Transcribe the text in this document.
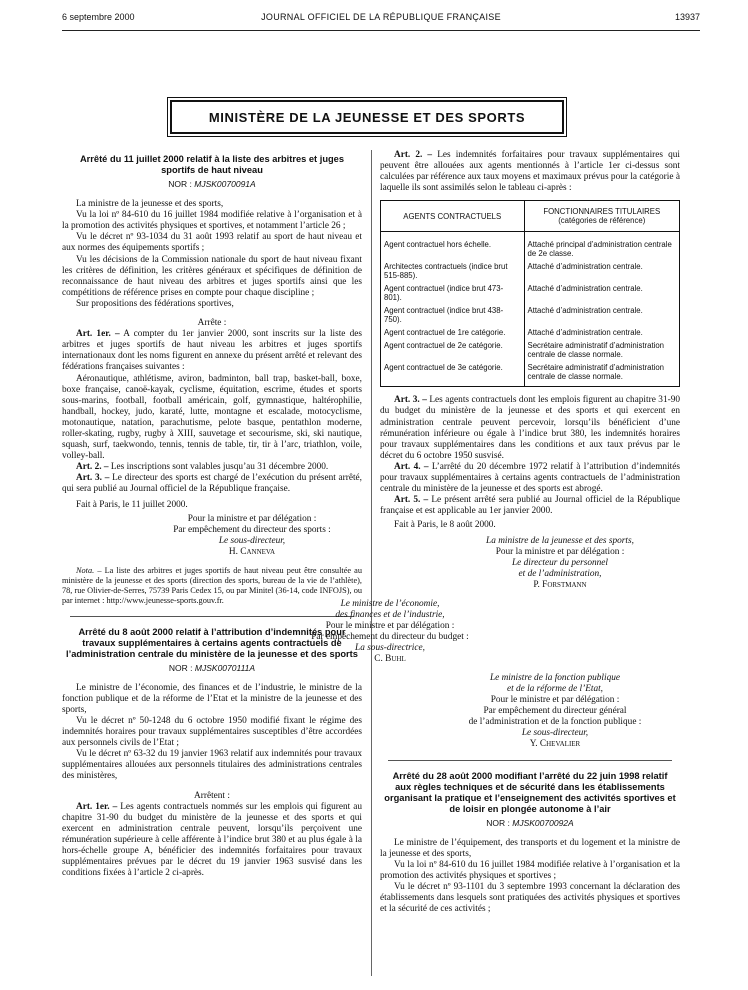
6 septembre 2000	JOURNAL OFFICIEL DE LA RÉPUBLIQUE FRANÇAISE	13937
MINISTÈRE DE LA JEUNESSE ET DES SPORTS
Arrêté du 11 juillet 2000 relatif à la liste des arbitres et juges sportifs de haut niveau
NOR : MJSK0070091A

La ministre de la jeunesse et des sports,

Vu la loi nº 84-610 du 16 juillet 1984 modifiée relative à l’organisation et à la promotion des activités physiques et sportives, et notamment l’article 26 ;

Vu le décret nº 93-1034 du 31 août 1993 relatif au sport de haut niveau et aux normes des équipements sportifs ;

Vu les décisions de la Commission nationale du sport de haut niveau fixant les critères de définition, les critères généraux et spécifiques de définition de reconnaissance de haut niveau des arbitres et juges sportifs ainsi que les compétitions de référence prises en compte pour chaque discipline ;

Sur propositions des fédérations sportives,

Arrête :

Art. 1er. – A compter du 1er janvier 2000, sont inscrits sur la liste des arbitres et juges sportifs de haut niveau les arbitres et juges sportifs internationaux dont les noms figurent en annexe du présent arrêté et relevant des fédérations françaises suivantes :

Aéronautique, athlétisme, aviron, badminton, ball trap, basket-ball, boxe, boxe française, canoë-kayak, cyclisme, équitation, escrime, études et sports sous-marins, football, football américain, golf, gymnastique, haltérophilie, handball, hockey, judo, karaté, lutte, montagne et escalade, motocyclisme, motonautique, natation, parachutisme, pelote basque, pentathlon moderne, roller-skating, rugby, rugby à XIII, sauvetage et secourisme, ski, ski nautique, squash, surf, taekwondo, tennis, tennis de table, tir, tir à l’arc, triathlon, voile, volley-ball.

Art. 2. – Les inscriptions sont valables jusqu’au 31 décembre 2000.

Art. 3. – Le directeur des sports est chargé de l’exécution du présent arrêté, qui sera publié au Journal officiel de la République française.

Fait à Paris, le 11 juillet 2000.

Pour la ministre et par délégation :

Par empêchement du directeur des sports :

Le sous-directeur,

H. Canneva

Nota. – La liste des arbitres et juges sportifs de haut niveau peut être consultée au ministère de la jeunesse et des sports (direction des sports, bureau de la vie de l’athlète), 78, rue Olivier-de-Serres, 75739 Paris Cedex 15, ou par Minitel (36-14, code INFOJS), ou par internet : http://www.jeunesse-sports.gouv.fr.
Arrêté du 8 août 2000 relatif à l’attribution d’indemnités pour travaux supplémentaires à certains agents contractuels de l’administration centrale du ministère de la jeunesse et des sports
NOR : MJSK0070111A

Le ministre de l’économie, des finances et de l’industrie, le ministre de la fonction publique et de la réforme de l’Etat et la ministre de la jeunesse et des sports,

Vu le décret nº 50-1248 du 6 octobre 1950 modifié fixant le régime des indemnités horaires pour travaux supplémentaires susceptibles d’être accordées aux personnels civils de l’Etat ;

Vu le décret nº 63-32 du 19 janvier 1963 relatif aux indemnités pour travaux supplémentaires allouées aux personnels titulaires des administrations centrales des ministères,

Arrêtent :

Art. 1er. – Les agents contractuels nommés sur les emplois qui figurent au chapitre 31-90 du budget du ministère de la jeunesse et des sports et qui exercent en administration centrale peuvent, lorsqu’ils perçoivent une rémunération supérieure à celle afférente à l’indice brut 380 et au plus égale à la hors-échelle groupe A, bénéficier des indemnités forfaitaires pour travaux supplémentaires prévues par le décret du 19 janvier 1963 susvisé dans les conditions fixées à l’article 2 ci-après.

Art. 2. – Les indemnités forfaitaires pour travaux supplémentaires qui peuvent être allouées aux agents mentionnés à l’article 1er ci-dessus sont calculées par référence aux taux moyens et maximaux prévus pour la catégorie à laquelle ils sont assimilés selon le tableau ci-après :

AGENTS CONTRACTUELS	FONCTIONNAIRES TITULAIRES (catégories de référence)
Agent contractuel hors échelle.	Attaché principal d’administration centrale de 2e classe.
Architectes contractuels (indice brut 515-885).	Attaché d’administration centrale.
Agent contractuel (indice brut 473-801).	Attaché d’administration centrale.
Agent contractuel (indice brut 438-750).	Attaché d’administration centrale.
Agent contractuel de 1re catégorie.	Attaché d’administration centrale.
Agent contractuel de 2e catégorie.	Secrétaire administratif d’administration centrale de classe normale.
Agent contractuel de 3e catégorie.	Secrétaire administratif d’administration centrale de classe normale.

Art. 3. – Les agents contractuels dont les emplois figurent au chapitre 31-90 du budget du ministère de la jeunesse et des sports et qui exercent en administration centrale peuvent percevoir, lorsqu’ils bénéficient d’une rémunération inférieure ou égale à l’indice brut 380, les indemnités horaires pour travaux supplémentaires dans les conditions et aux taux prévus par le décret du 6 octobre 1950 susvisé.

Art. 4. – L’arrêté du 20 décembre 1972 relatif à l’attribution d’indemnités pour travaux supplémentaires à certains agents contractuels de l’administration centrale du ministère de la jeunesse et des sports est abrogé.

Art. 5. – Le présent arrêté sera publié au Journal officiel de la République française et est applicable au 1er janvier 2000.

Fait à Paris, le 8 août 2000.

La ministre de la jeunesse et des sports,

Pour la ministre et par délégation :

Le directeur du personnel

et de l’administration,

P. Forstmann

Le ministre de l’économie,

des finances et de l’industrie,

Pour le ministre et par délégation :

Par empêchement du directeur du budget :

La sous-directrice,

C. Buhl

Le ministre de la fonction publique

et de la réforme de l’Etat,

Pour le ministre et par délégation :

Par empêchement du directeur général

de l’administration et de la fonction publique :

Le sous-directeur,

Y. Chevalier

Arrêté du 28 août 2000 modifiant l’arrêté du 22 juin 1998 relatif aux règles techniques et de sécurité dans les établissements organisant la pratique et l’enseignement des activités sportives et de loisir en plongée autonome à l’air
NOR : MJSK0070092A

Le ministre de l’équipement, des transports et du logement et la ministre de la jeunesse et des sports,

Vu la loi nº 84-610 du 16 juillet 1984 modifiée relative à l’organisation et la promotion des activités physiques et sportives ;

Vu le décret nº 93-1101 du 3 septembre 1993 concernant la déclaration des établissements dans lesquels sont pratiquées des activités physiques et sportives et la sécurité de ces activités ;
